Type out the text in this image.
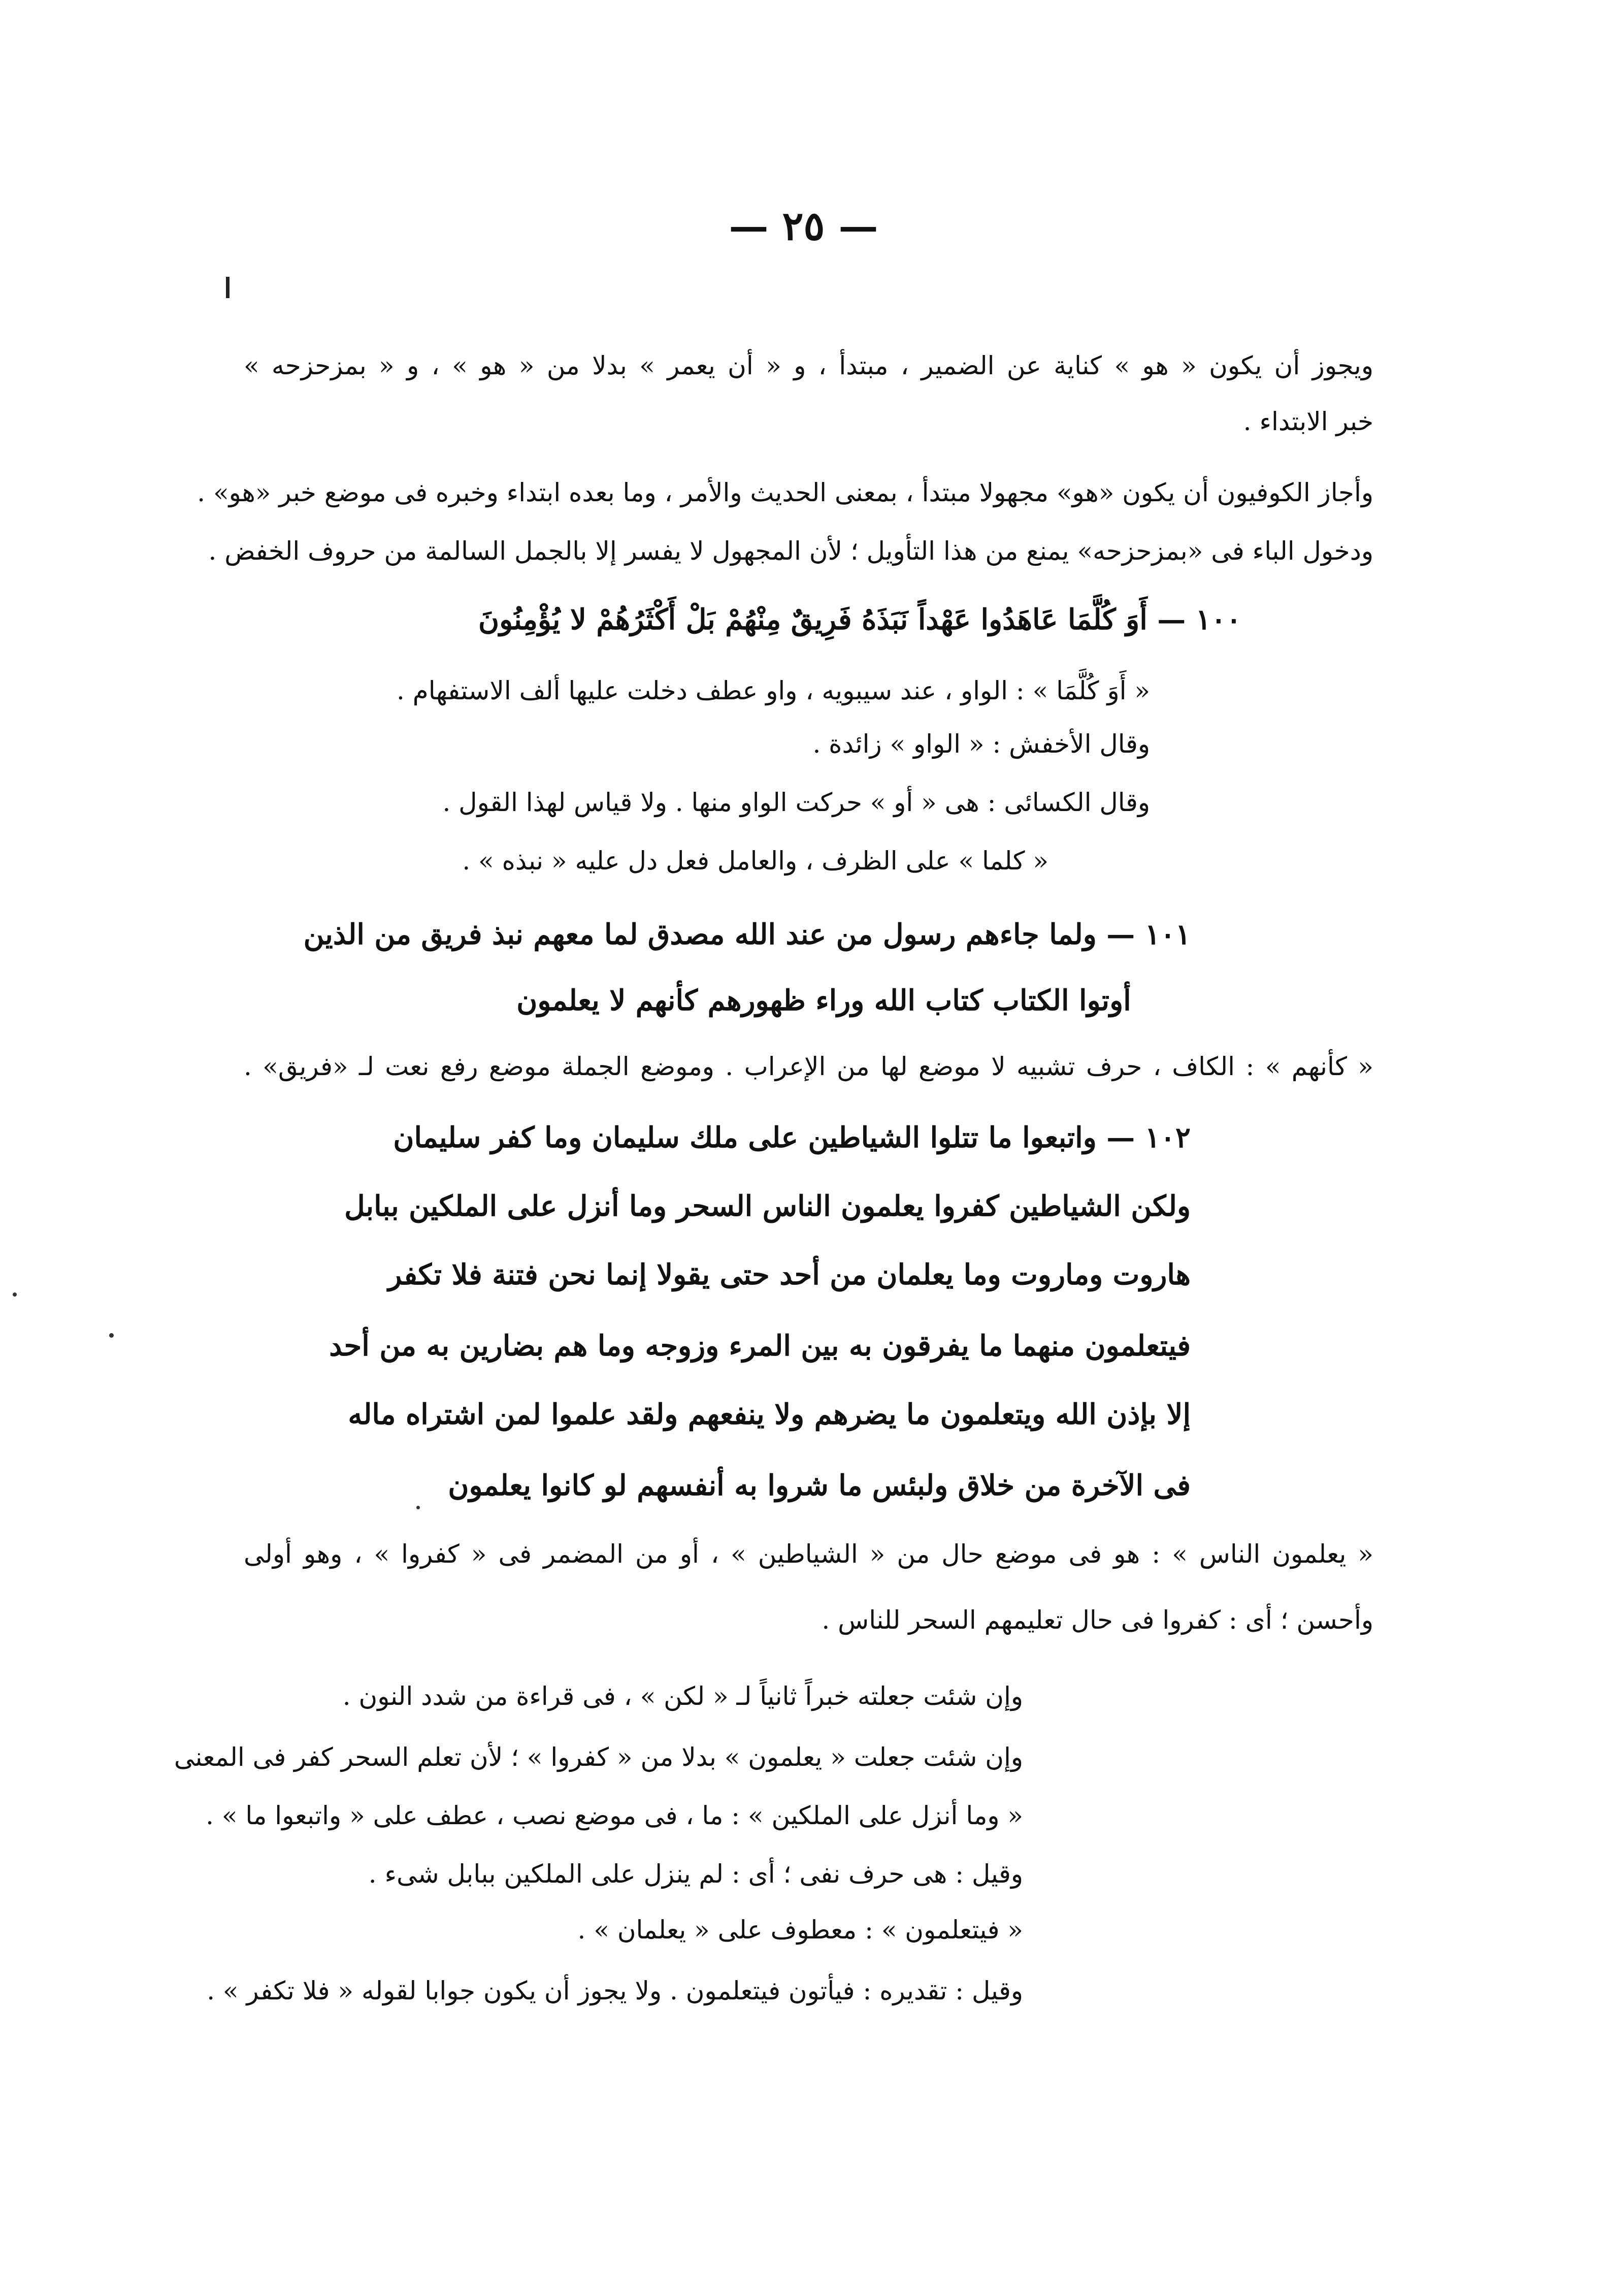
— ٢٥ —
ويجوز أن يكون « هو » كناية عن الضمير ، مبتدأ ، و « أن يعمر » بدلا من « هو » ، و « بمزحزحه »
خبر الابتداء .
وأجاز الكوفيون أن يكون «هو» مجهولا مبتدأ ، بمعنى الحديث والأمر ، وما بعده ابتداء وخبره فى موضع خبر «هو» .
ودخول الباء فى «بمزحزحه» يمنع من هذا التأويل ؛ لأن المجهول لا يفسر إلا بالجمل السالمة من حروف الخفض .
١٠٠ — أَوَ كُلَّمَا عَاهَدُوا عَهْداً نَبَذَهُ فَرِيقٌ مِنْهُمْ بَلْ أَكْثَرُهُمْ لا يُؤْمِنُونَ
« أَوَ كُلَّمَا » : الواو ، عند سيبويه ، واو عطف دخلت عليها ألف الاستفهام .
وقال الأخفش : « الواو » زائدة .
وقال الكسائى : هى « أو » حركت الواو منها . ولا قياس لهذا القول .
« كلما » على الظرف ، والعامل فعل دل عليه « نبذه » .
١٠١ — ولما جاءهم رسول من عند الله مصدق لما معهم نبذ فريق من الذين
أوتوا الكتاب كتاب الله وراء ظهورهم كأنهم لا يعلمون
« كأنهم » : الكاف ، حرف تشبيه لا موضع لها من الإعراب . وموضع الجملة موضع رفع نعت لـ «فريق» .
١٠٢ — واتبعوا ما تتلوا الشياطين على ملك سليمان وما كفر سليمان
ولكن الشياطين كفروا يعلمون الناس السحر وما أنزل على الملكين ببابل
هاروت وماروت وما يعلمان من أحد حتى يقولا إنما نحن فتنة فلا تكفر
فيتعلمون منهما ما يفرقون به بين المرء وزوجه وما هم بضارين به من أحد
إلا بإذن الله ويتعلمون ما يضرهم ولا ينفعهم ولقد علموا لمن اشتراه ماله
فى الآخرة من خلاق ولبئس ما شروا به أنفسهم لو كانوا يعلمون
« يعلمون الناس » : هو فى موضع حال من « الشياطين » ، أو من المضمر فى « كفروا » ، وهو أولى
وأحسن ؛ أى : كفروا فى حال تعليمهم السحر للناس .
وإن شئت جعلته خبراً ثانياً لـ « لكن » ، فى قراءة من شدد النون .
وإن شئت جعلت « يعلمون » بدلا من « كفروا » ؛ لأن تعلم السحر كفر فى المعنى
« وما أنزل على الملكين » : ما ، فى موضع نصب ، عطف على « واتبعوا ما » .
وقيل : هى حرف نفى ؛ أى : لم ينزل على الملكين ببابل شىء .
« فيتعلمون » : معطوف على « يعلمان » .
وقيل : تقديره : فيأتون فيتعلمون . ولا يجوز أن يكون جوابا لقوله « فلا تكفر » .
